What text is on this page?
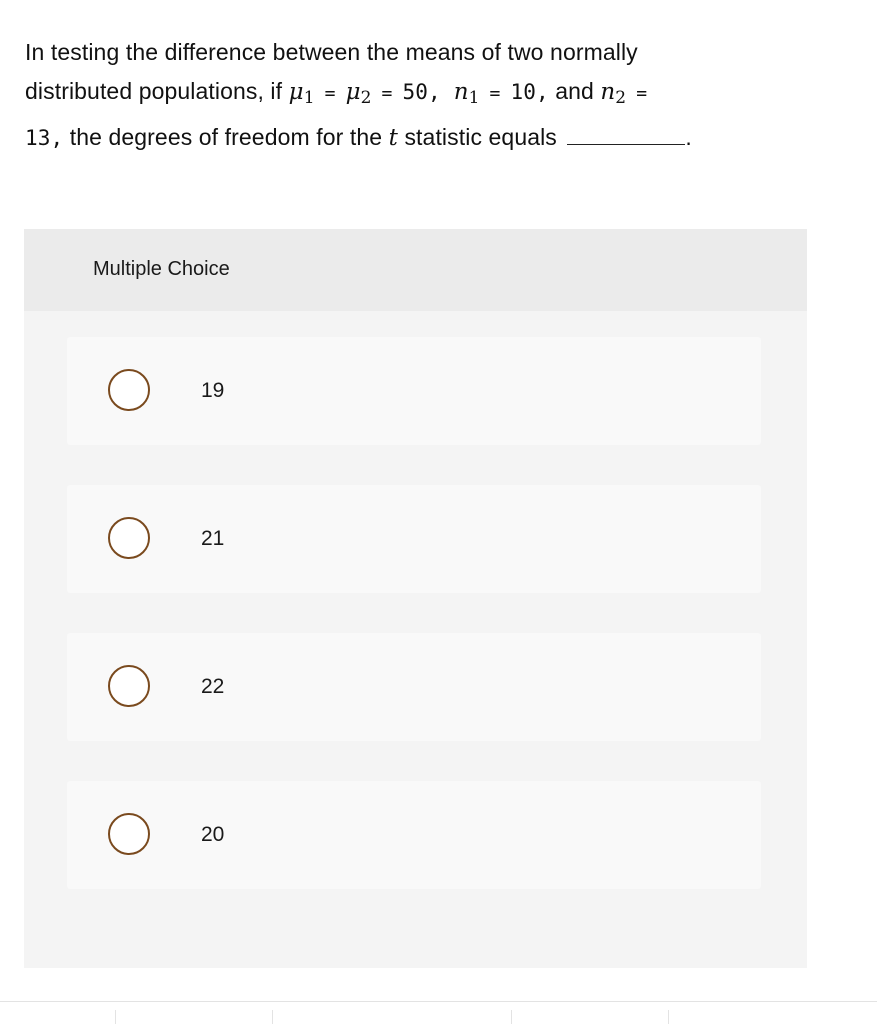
In testing the difference between the means of two normally
distributed populations, if $\mu_1 = \mu_2 = 50$, $n_1 = 10$, and $n_2$ =
13, the degrees of freedom for the t statistic equals	.
Multiple Choice
19
21
22
20
